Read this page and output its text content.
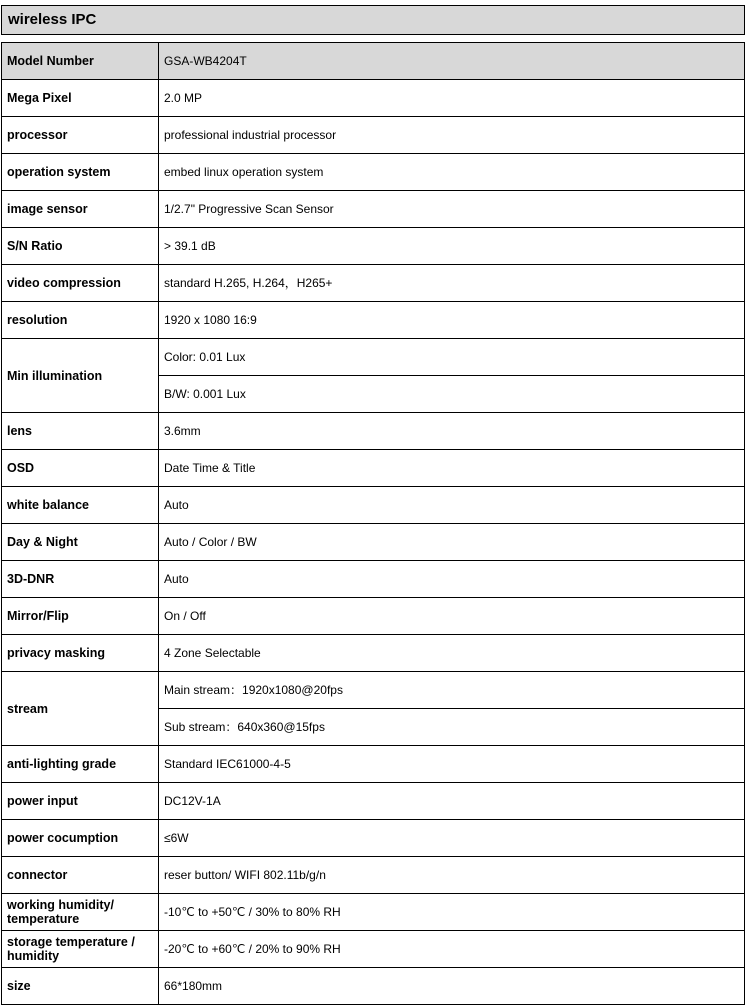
wireless IPC
Model Number	GSA-WB4204T
Mega Pixel	2.0 MP
processor	professional industrial processor
operation system	embed linux operation system
image sensor	1/2.7" Progressive Scan Sensor
S/N Ratio	> 39.1 dB
video compression	standard H.265, H.264，H265+
resolution	1920 x 1080 16:9
Min illumination	Color: 0.01 Lux
	B/W: 0.001 Lux
lens	3.6mm
OSD	Date Time & Title
white balance	Auto
Day & Night	Auto / Color / BW
3D-DNR	Auto
Mirror/Flip	On / Off
privacy masking	4 Zone Selectable
stream	Main stream：1920x1080@20fps
	Sub stream：640x360@15fps
anti-lighting grade	Standard IEC61000-4-5
power input	DC12V-1A
power cocumption	≤6W
connector	reser button/ WIFI 802.11b/g/n
working humidity/ temperature	-10℃ to +50℃ / 30% to 80% RH
storage temperature / humidity	-20℃ to +60℃ / 20% to 90% RH
size	66*180mm
